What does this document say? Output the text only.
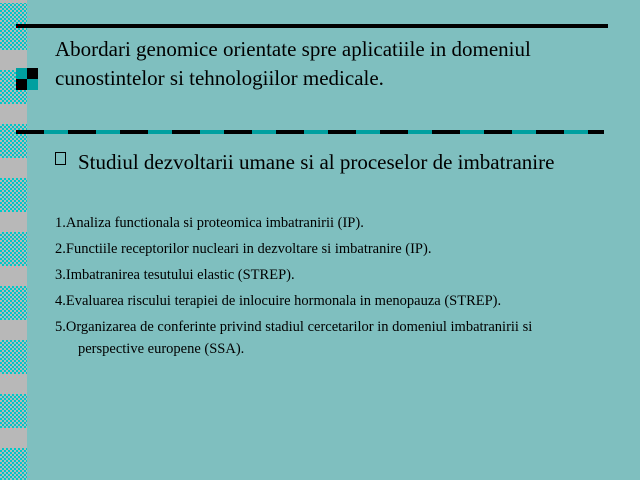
Abordari genomice orientate spre aplicatiile in domeniul cunostintelor si tehnologiilor medicale.
Studiul dezvoltarii umane si al proceselor de imbatranire
1.Analiza functionala si proteomica imbatranirii (IP).
2.Functiile receptorilor nucleari in dezvoltare si imbatranire (IP).
3.Imbatranirea tesutului elastic (STREP).
4.Evaluarea riscului terapiei de inlocuire hormonala in menopauza (STREP).
5.Organizarea de conferinte privind stadiul cercetarilor in domeniul imbatranirii si perspective europene (SSA).
